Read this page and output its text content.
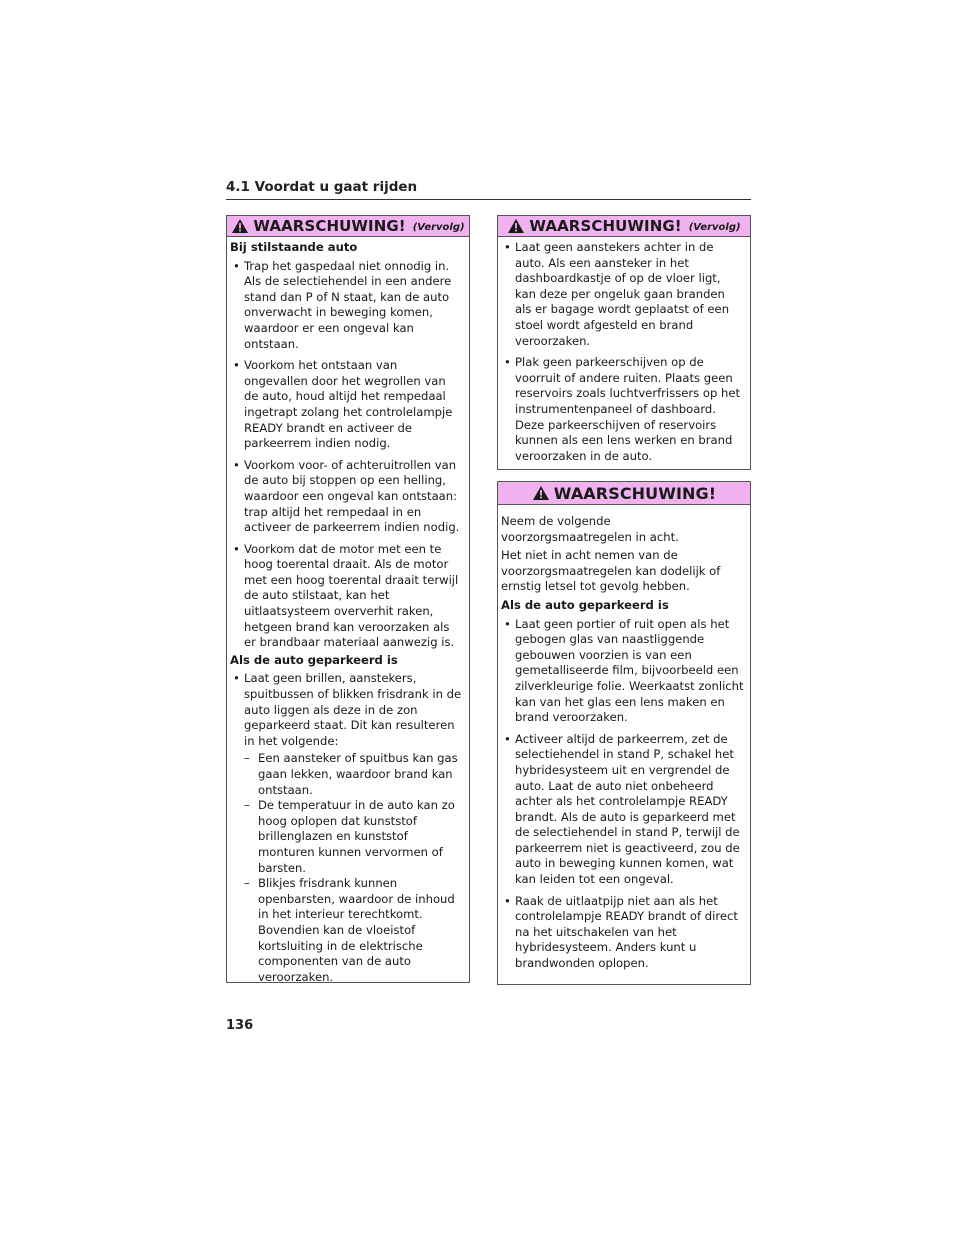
4.1 Voordat u gaat rijden
WAARSCHUWING! (Vervolg)

Bij stilstaande auto

• Trap het gaspedaal niet onnodig in. Als de selectiehendel in een andere stand dan P of N staat, kan de auto onverwacht in beweging komen, waardoor er een ongeval kan ontstaan.
• Voorkom het ontstaan van ongevallen door het wegrollen van de auto, houd altijd het rempedaal ingetrapt zolang het controlelampje READY brandt en activeer de parkeerrem indien nodig.
• Voorkom voor- of achteruitrollen van de auto bij stoppen op een helling, waardoor een ongeval kan ontstaan: trap altijd het rempedaal in en activeer de parkeerrem indien nodig.
• Voorkom dat de motor met een te hoog toerental draait. Als de motor met een hoog toerental draait terwijl de auto stilstaat, kan het uitlaatsysteem oververhit raken, hetgeen brand kan veroorzaken als er brandbaar materiaal aanwezig is.

Als de auto geparkeerd is

• Laat geen brillen, aanstekers, spuitbussen of blikken frisdrank in de auto liggen als deze in de zon geparkeerd staat. Dit kan resulteren in het volgende:
– Een aansteker of spuitbus kan gas gaan lekken, waardoor brand kan ontstaan.
– De temperatuur in de auto kan zo hoog oplopen dat kunststof brillenglazen en kunststof monturen kunnen vervormen of barsten.
– Blikjes frisdrank kunnen openbarsten, waardoor de inhoud in het interieur terechtkomt. Bovendien kan de vloeistof kortsluiting in de elektrische componenten van de auto veroorzaken.
WAARSCHUWING! (Vervolg)
• Laat geen aanstekers achter in de auto. Als een aansteker in het dashboardkastje of op de vloer ligt, kan deze per ongeluk gaan branden als er bagage wordt geplaatst of een stoel wordt afgesteld en brand veroorzaken.
• Plak geen parkeerschijven op de voorruit of andere ruiten. Plaats geen reservoirs zoals luchtverfrissers op het instrumentenpaneel of dashboard. Deze parkeerschijven of reservoirs kunnen als een lens werken en brand veroorzaken in de auto.
WAARSCHUWING!

Neem de volgende voorzorgsmaatregelen in acht.

Het niet in acht nemen van de voorzorgsmaatregelen kan dodelijk of ernstig letsel tot gevolg hebben.

Als de auto geparkeerd is

• Laat geen portier of ruit open als het gebogen glas van naastliggende gebouwen voorzien is van een gemetalliseerde film, bijvoorbeeld een zilverkleurige folie. Weerkaatst zonlicht kan van het glas een lens maken en brand veroorzaken.
• Activeer altijd de parkeerrem, zet de selectiehendel in stand P, schakel het hybridesysteem uit en vergrendel de auto. Laat de auto niet onbeheerd achter als het controlelampje READY brandt. Als de auto is geparkeerd met de selectiehendel in stand P, terwijl de parkeerrem niet is geactiveerd, zou de auto in beweging kunnen komen, wat kan leiden tot een ongeval.
• Raak de uitlaatpijp niet aan als het controlelampje READY brandt of direct na het uitschakelen van het hybridesysteem. Anders kunt u brandwonden oplopen.
136
